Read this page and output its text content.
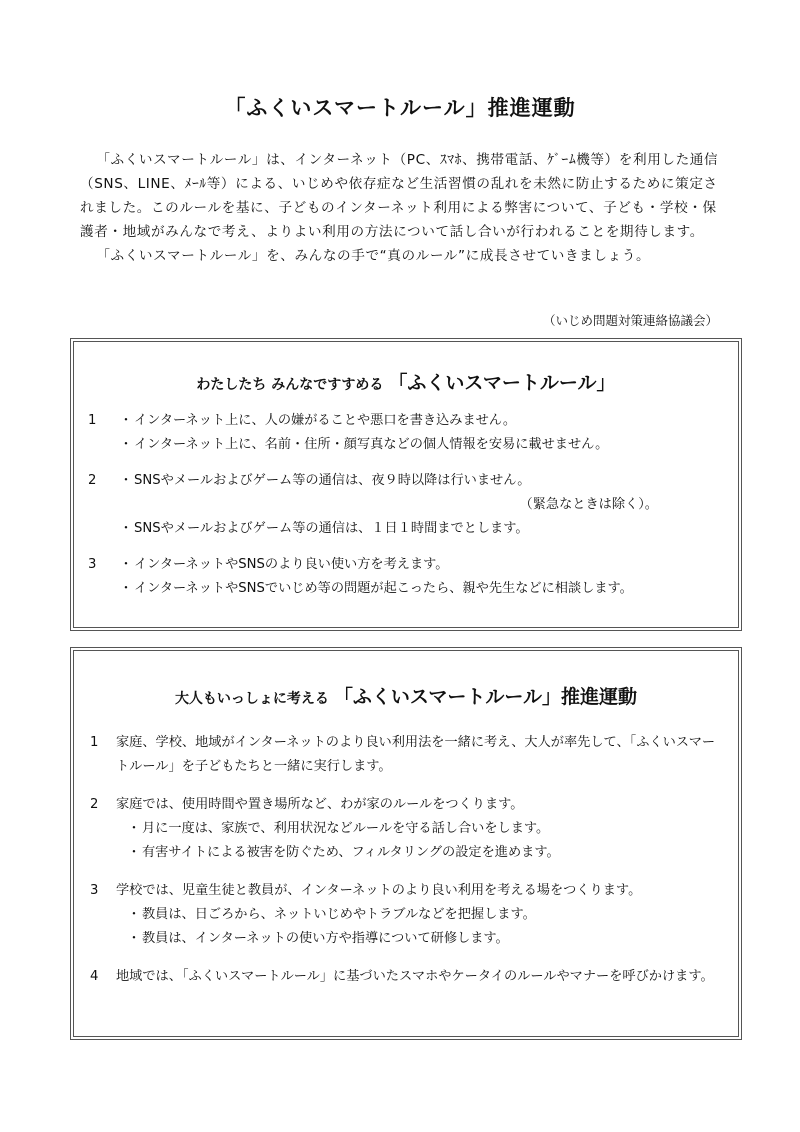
「ふくいスマートルール」推進運動

「ふくいスマートルール」は、インターネット（PC、ｽﾏﾎ、携帯電話、ｹﾞｰﾑ機等）を利用した通信（SNS、LINE、ﾒｰﾙ等）による、いじめや依存症など生活習慣の乱れを未然に防止するために策定されました。このルールを基に、子どものインターネット利用による弊害について、子ども・学校・保護者・地域がみんなで考え、よりよい利用の方法について話し合いが行われることを期待します。

「ふくいスマートルール」を、みんなの手で“真のルール”に成長させていきましょう。

（いじめ問題対策連絡協議会）
わたしたち みんなですすめる 「ふくいスマートルール」
1	・ インターネット上に、人の嫌がることや悪口を書き込みません。
・ インターネット上に、名前・住所・顔写真などの個人情報を安易に載せません。
2	・ SNSやメールおよびゲーム等の通信は、夜９時以降は行いません。
（緊急なときは除く）。
・ SNSやメールおよびゲーム等の通信は、１日１時間までとします。
3	・ インターネットやSNSのより良い使い方を考えます。
・ インターネットやSNSでいじめ等の問題が起こったら、親や先生などに相談します。
大人もいっしょに考える 「ふくいスマートルール」推進運動
1	家庭、学校、地域がインターネットのより良い利用法を一緒に考え、大人が率先して、「ふくいスマートルール」を子どもたちと一緒に実行します。
2	家庭では、使用時間や置き場所など、わが家のルールをつくります。
・ 月に一度は、家族で、利用状況などルールを守る話し合いをします。
・ 有害サイトによる被害を防ぐため、フィルタリングの設定を進めます。
3	学校では、児童生徒と教員が、インターネットのより良い利用を考える場をつくります。
・ 教員は、日ごろから、ネットいじめやトラブルなどを把握します。
・ 教員は、インターネットの使い方や指導について研修します。
4	地域では、「ふくいスマートルール」に基づいたスマホやケータイのルールやマナーを呼びかけます。
